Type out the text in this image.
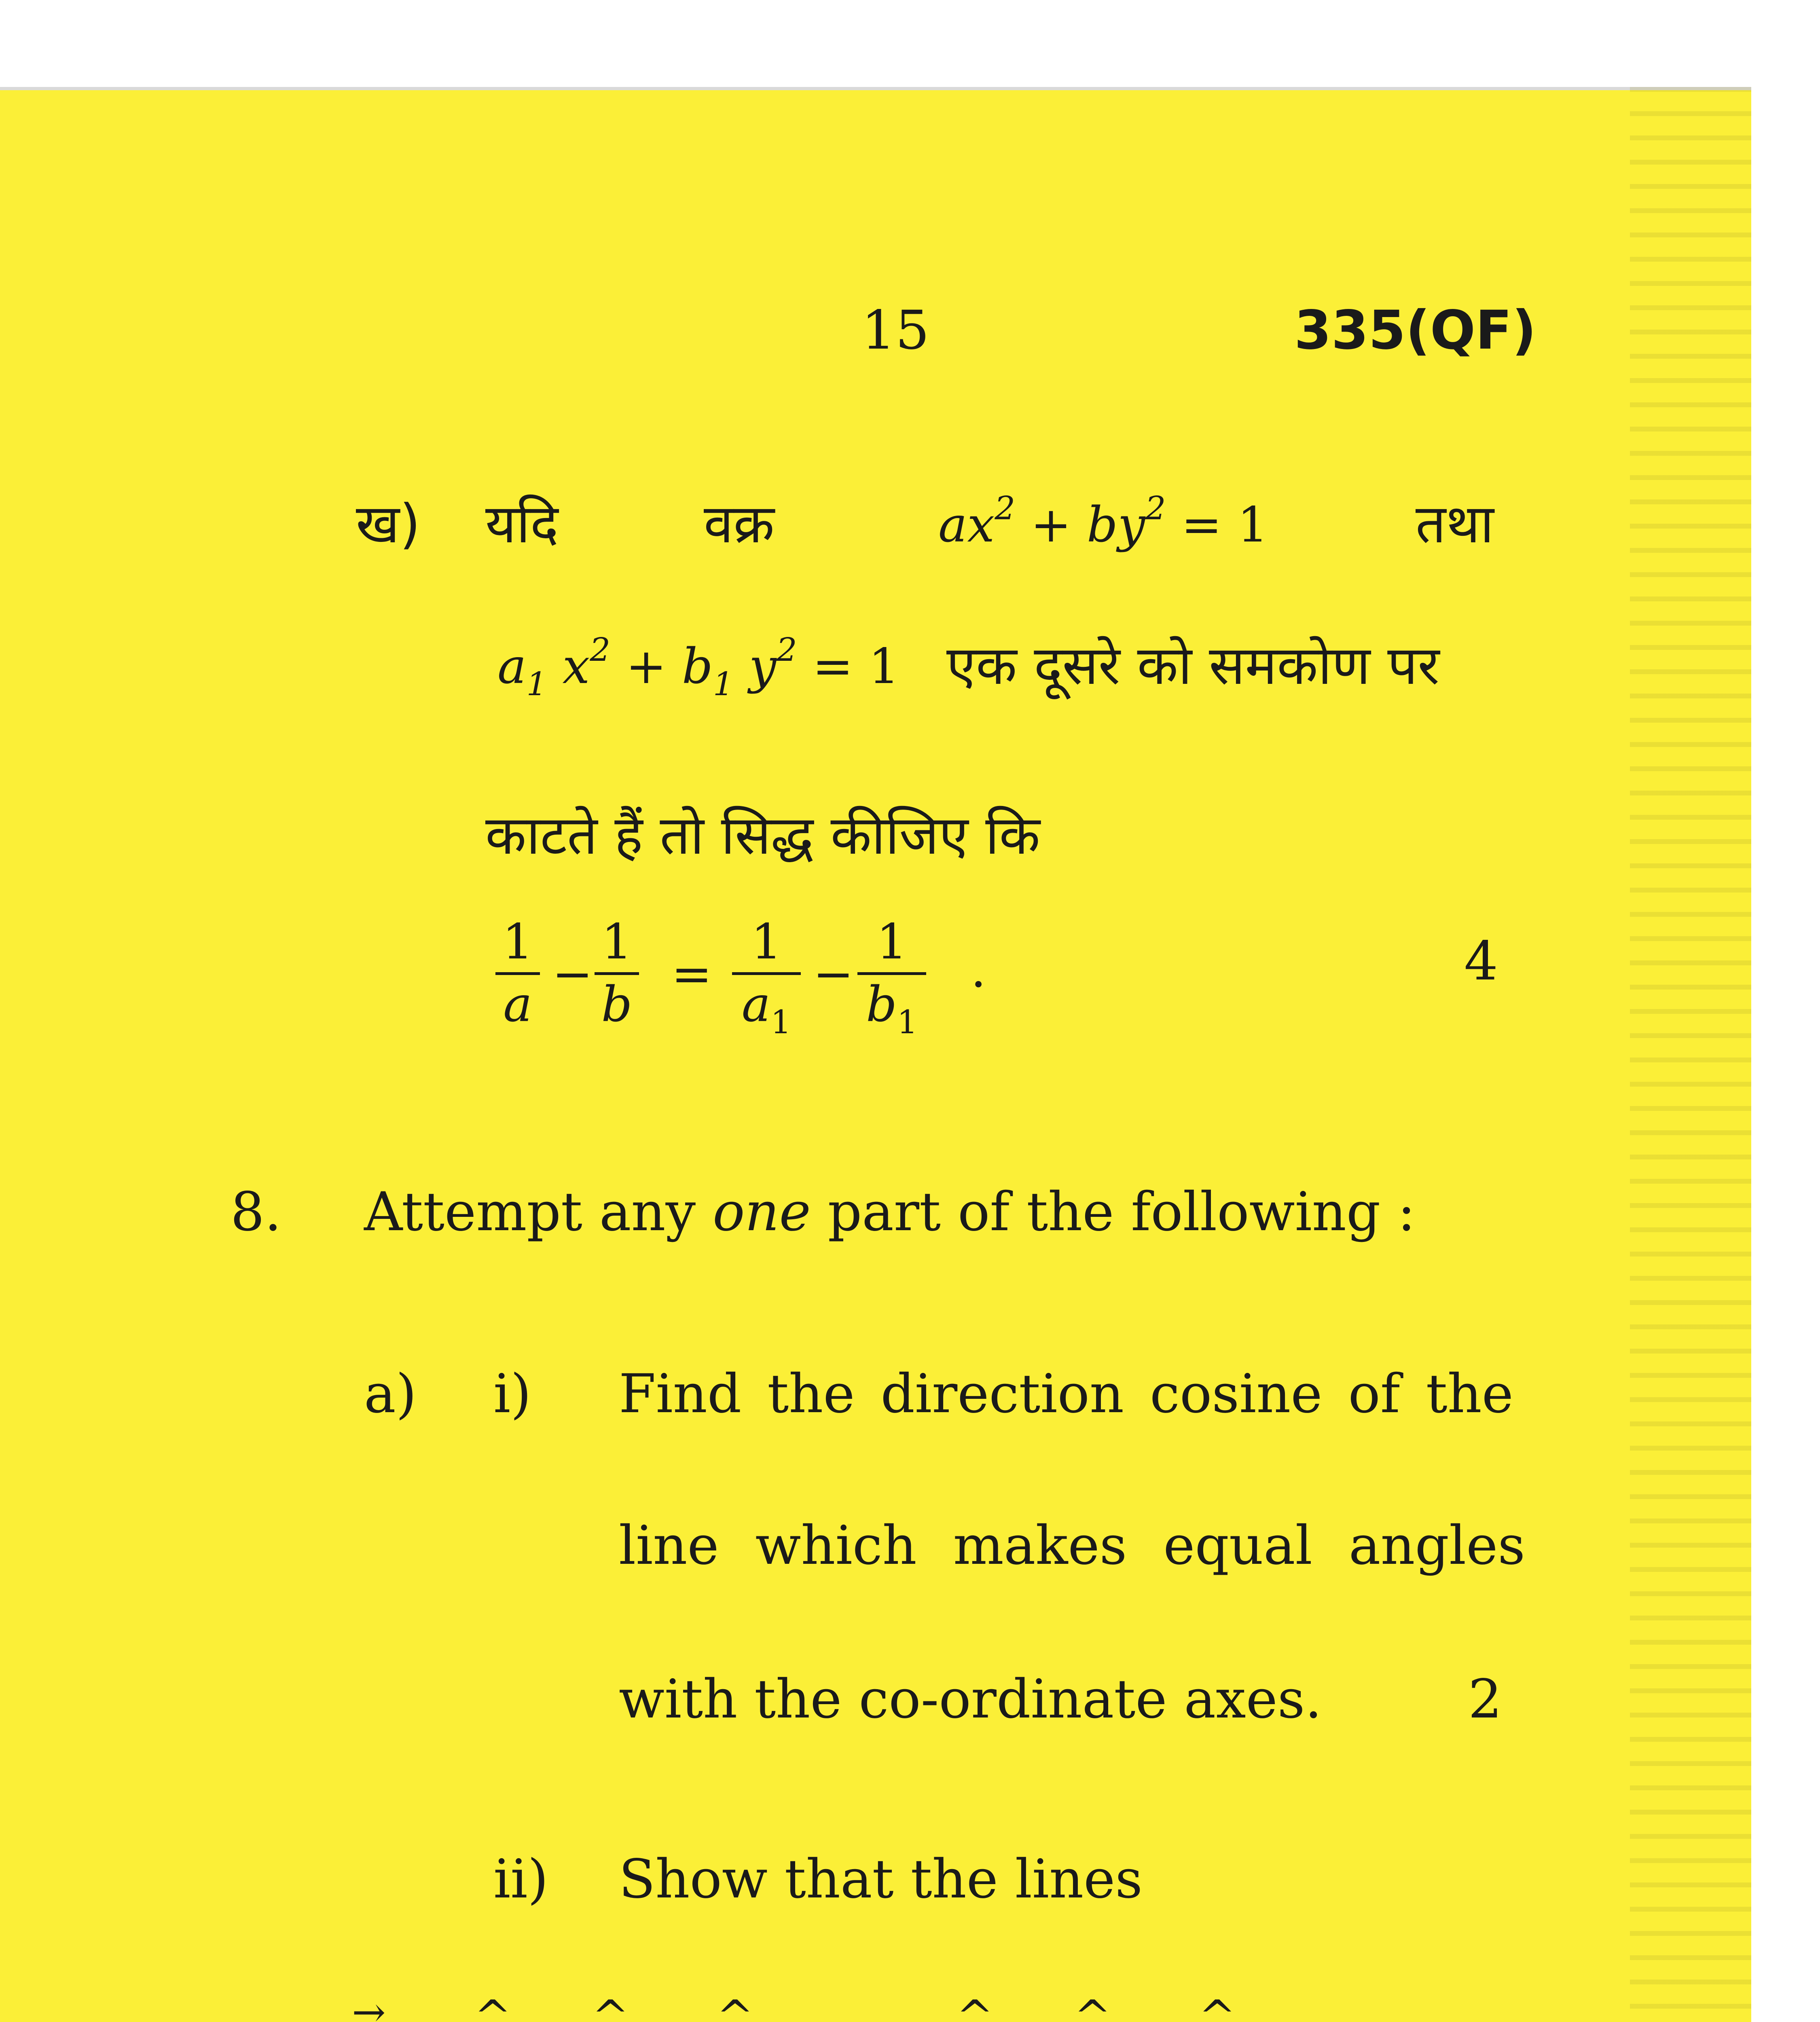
15	335(QF)
ख) यदि	वक्र	$ax^2 + by^2 = 1$	तथा
$a_1$ $x^2 + b_1$ $y^2 = 1$ एक दूसरे को समकोण पर
काटते हैं तो सिद्ध कीजिए कि
1
a
−
1
b
=
1
$a_1$
−
1
$b_1$
.	4
8. Attempt any one part of the following :
a) i) Find the direction cosine of the
line which makes equal angles
with the co-ordinate axes.	2
ii) Show that the lines
